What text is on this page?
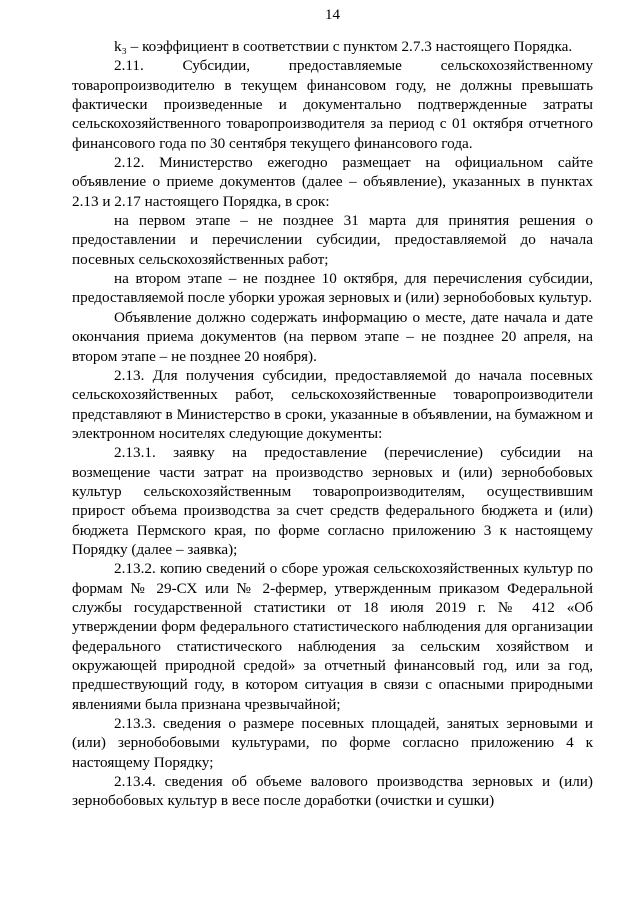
14

k₃ – коэффициент в соответствии с пунктом 2.7.3 настоящего Порядка.

2.11. Субсидии, предоставляемые сельскохозяйственному товаропроизводителю в текущем финансовом году, не должны превышать фактически произведенные и документально подтвержденные затраты сельскохозяйственного товаропроизводителя за период с 01 октября отчетного финансового года по 30 сентября текущего финансового года.

2.12. Министерство ежегодно размещает на официальном сайте объявление о приеме документов (далее – объявление), указанных в пунктах 2.13 и 2.17 настоящего Порядка, в срок:

на первом этапе – не позднее 31 марта для принятия решения о предоставлении и перечислении субсидии, предоставляемой до начала посевных сельскохозяйственных работ;

на втором этапе – не позднее 10 октября, для перечисления субсидии, предоставляемой после уборки урожая зерновых и (или) зернобобовых культур.

Объявление должно содержать информацию о месте, дате начала и дате окончания приема документов (на первом этапе – не позднее 20 апреля, на втором этапе – не позднее 20 ноября).

2.13. Для получения субсидии, предоставляемой до начала посевных сельскохозяйственных работ, сельскохозяйственные товаропроизводители представляют в Министерство в сроки, указанные в объявлении, на бумажном и электронном носителях следующие документы:

2.13.1. заявку на предоставление (перечисление) субсидии на возмещение части затрат на производство зерновых и (или) зернобобовых культур сельскохозяйственным товаропроизводителям, осуществившим прирост объема производства за счет средств федерального бюджета и (или) бюджета Пермского края, по форме согласно приложению 3 к настоящему Порядку (далее – заявка);

2.13.2. копию сведений о сборе урожая сельскохозяйственных культур по формам № 29-СХ или № 2-фермер, утвержденным приказом Федеральной службы государственной статистики от 18 июля 2019 г. № 412 «Об утверждении форм федерального статистического наблюдения для организации федерального статистического наблюдения за сельским хозяйством и окружающей природной средой» за отчетный финансовый год, или за год, предшествующий году, в котором ситуация в связи с опасными природными явлениями была признана чрезвычайной;

2.13.3. сведения о размере посевных площадей, занятых зерновыми и (или) зернобобовыми культурами, по форме согласно приложению 4 к настоящему Порядку;

2.13.4. сведения об объеме валового производства зерновых и (или) зернобобовых культур в весе после доработки (очистки и сушки)
